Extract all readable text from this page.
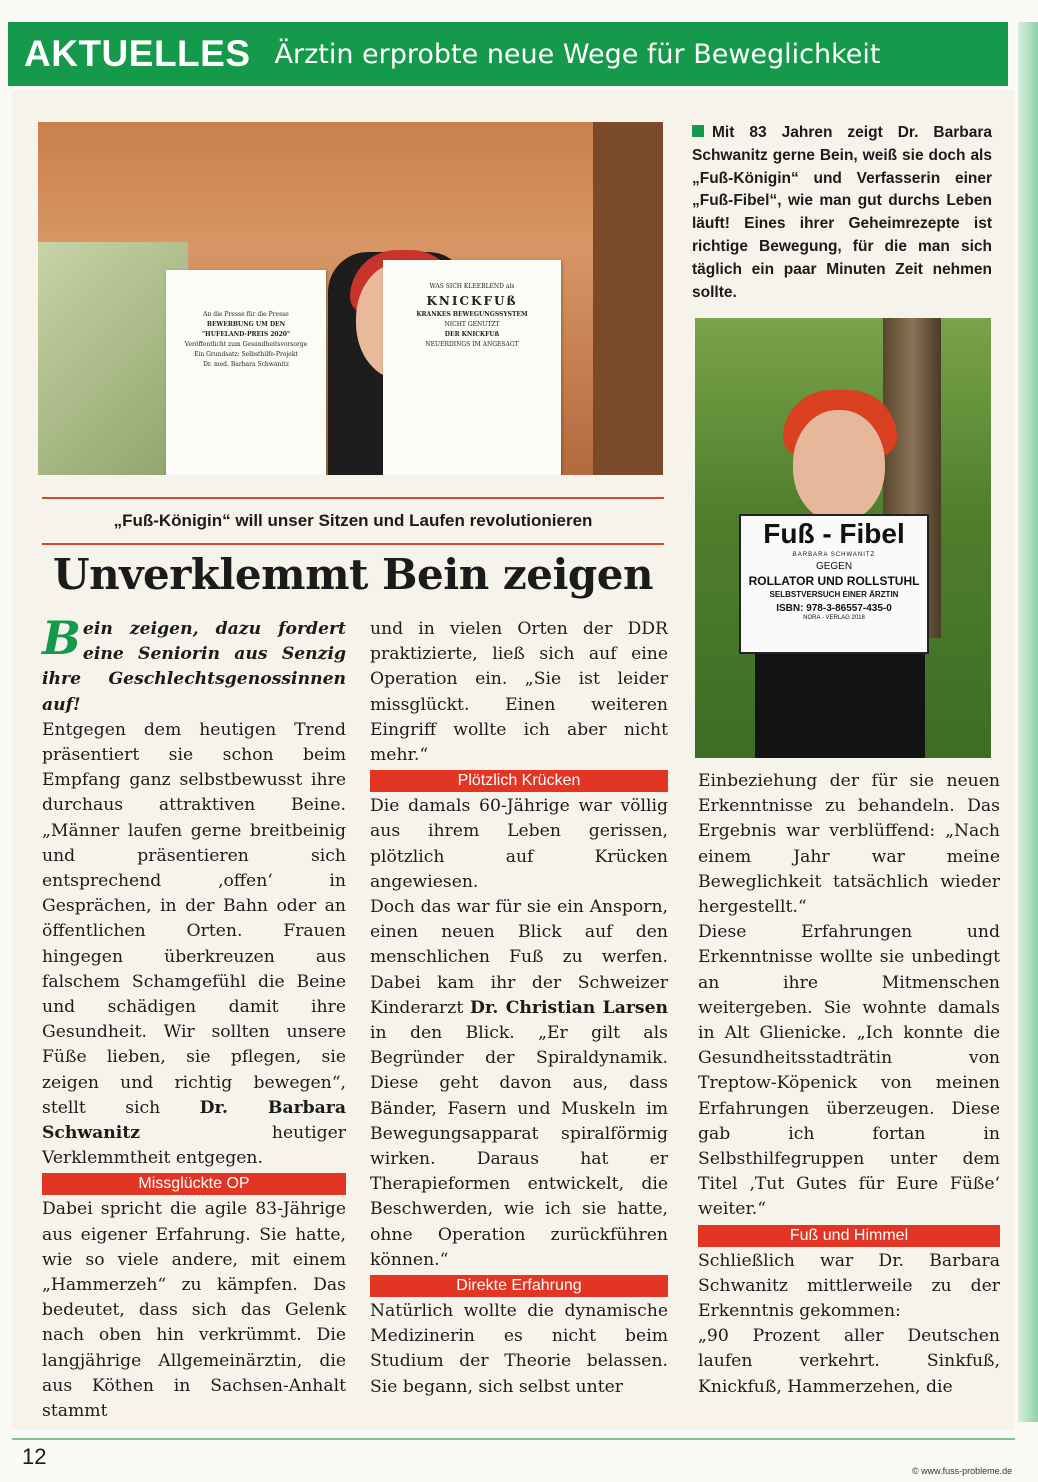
AKTUELLES Ärztin erprobte neue Wege für Beweglichkeit
An die Presse für die Presse
BEWERBUNG UM DEN
"HUFELAND-PREIS 2020"
Veröffentlicht zum Gesundheitsvorsorge
Ein Grundsatz: Selbsthilfe-Projekt
Dr. med. Barbara Schwanitz
WAS SICH KLEEBLEND als
KNICKFUß
KRANKES BEWEGUNGSSYSTEM
NICHT GENUTZT
DER KNICKFUß
NEUERDINGS IM ANGESAGT
„Fuß-Königin“ will unser Sitzen und Laufen revolutionieren
Unverklemmt Bein zeigen
Mit 83 Jahren zeigt Dr. Barbara Schwanitz gerne Bein, weiß sie doch als „Fuß-Königin“ und Verfasserin einer „Fuß-Fibel“, wie man gut durchs Leben läuft! Eines ihrer Geheimrezepte ist richtige Bewegung, für die man sich täglich ein paar Minuten Zeit nehmen sollte.
Fuß - Fibel
BARBARA SCHWANITZ
GEGEN
ROLLATOR UND ROLLSTUHL
SELBSTVERSUCH EINER ÄRZTIN
ISBN: 978-3-86557-435-0
NORA - VERLAG 2018

Bein zeigen, dazu fordert eine Seniorin aus Senzig ihre Geschlechtsgenossinnen auf!

Entgegen dem heutigen Trend präsentiert sie schon beim Empfang ganz selbstbewusst ihre durchaus attraktiven Beine. „Männer laufen gerne breitbeinig und präsentieren sich entsprechend ‚offen‘ in Gesprächen, in der Bahn oder an öffentlichen Orten. Frauen hingegen überkreuzen aus falschem Schamgefühl die Beine und schädigen damit ihre Gesundheit. Wir sollten unsere Füße lieben, sie pflegen, sie zeigen und richtig bewegen“, stellt sich Dr. Barbara Schwanitz heutiger Verklemmtheit entgegen.

Missglückte OP

Dabei spricht die agile 83-Jährige aus eigener Erfahrung. Sie hatte, wie so viele andere, mit einem „Hammerzeh“ zu kämpfen. Das bedeutet, dass sich das Gelenk nach oben hin verkrümmt. Die langjährige Allgemeinärztin, die aus Köthen in Sachsen-Anhalt stammt

und in vielen Orten der DDR praktizierte, ließ sich auf eine Operation ein. „Sie ist leider missglückt. Einen weiteren Eingriff wollte ich aber nicht mehr.“

Plötzlich Krücken

Die damals 60-Jährige war völlig aus ihrem Leben gerissen, plötzlich auf Krücken angewiesen.

Doch das war für sie ein Ansporn, einen neuen Blick auf den menschlichen Fuß zu werfen. Dabei kam ihr der Schweizer Kinderarzt Dr. Christian Larsen in den Blick. „Er gilt als Begründer der Spiraldynamik. Diese geht davon aus, dass Bänder, Fasern und Muskeln im Bewegungsapparat spiralförmig wirken. Daraus hat er Therapieformen entwickelt, die Beschwerden, wie ich sie hatte, ohne Operation zurückführen können.“

Direkte Erfahrung

Natürlich wollte die dynamische Medizinerin es nicht beim Studium der Theorie belassen. Sie begann, sich selbst unter

Einbeziehung der für sie neuen Erkenntnisse zu behandeln. Das Ergebnis war verblüffend: „Nach einem Jahr war meine Beweglichkeit tatsächlich wieder hergestellt.“

Diese Erfahrungen und Erkenntnisse wollte sie unbedingt an ihre Mitmenschen weitergeben. Sie wohnte damals in Alt Glienicke. „Ich konnte die Gesundheitsstadträtin von Treptow-Köpenick von meinen Erfahrungen überzeugen. Diese gab ich fortan in Selbsthilfegruppen unter dem Titel ‚Tut Gutes für Eure Füße‘ weiter.“

Fuß und Himmel

Schließlich war Dr. Barbara Schwanitz mittlerweile zu der Erkenntnis gekommen:

„90 Prozent aller Deutschen laufen verkehrt. Sinkfuß, Knickfuß, Hammerzehen, die

12
© www.fuss-probleme.de
